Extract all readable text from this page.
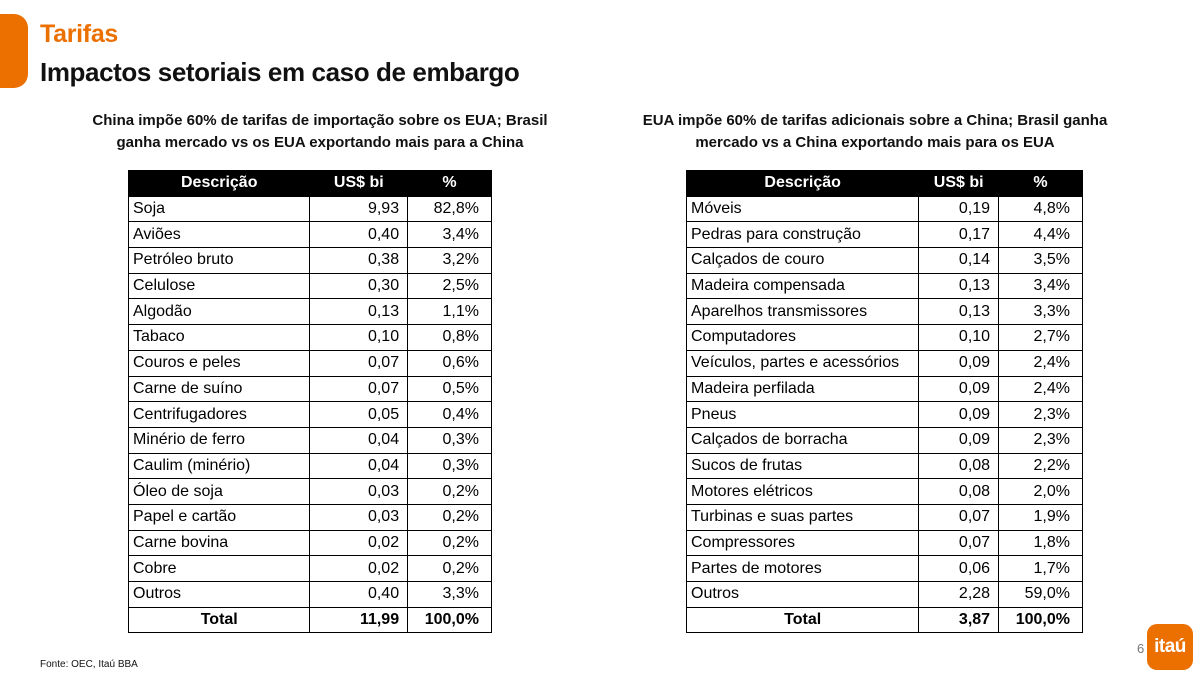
Tarifas
Impactos setoriais em caso de embargo
China impõe 60% de tarifas de importação sobre os EUA; Brasil ganha mercado vs os EUA exportando mais para a China
EUA impõe 60% de tarifas adicionais sobre a China; Brasil ganha mercado vs a China exportando mais para os EUA
Descrição	US$ bi	%
Soja	9,93	82,8%
Aviões	0,40	3,4%
Petróleo bruto	0,38	3,2%
Celulose	0,30	2,5%
Algodão	0,13	1,1%
Tabaco	0,10	0,8%
Couros e peles	0,07	0,6%
Carne de suíno	0,07	0,5%
Centrifugadores	0,05	0,4%
Minério de ferro	0,04	0,3%
Caulim (minério)	0,04	0,3%
Óleo de soja	0,03	0,2%
Papel e cartão	0,03	0,2%
Carne bovina	0,02	0,2%
Cobre	0,02	0,2%
Outros	0,40	3,3%
Total	11,99	100,0%
Descrição	US$ bi	%
Móveis	0,19	4,8%
Pedras para construção	0,17	4,4%
Calçados de couro	0,14	3,5%
Madeira compensada	0,13	3,4%
Aparelhos transmissores	0,13	3,3%
Computadores	0,10	2,7%
Veículos, partes e acessórios	0,09	2,4%
Madeira perfilada	0,09	2,4%
Pneus	0,09	2,3%
Calçados de borracha	0,09	2,3%
Sucos de frutas	0,08	2,2%
Motores elétricos	0,08	2,0%
Turbinas e suas partes	0,07	1,9%
Compressores	0,07	1,8%
Partes de motores	0,06	1,7%
Outros	2,28	59,0%
Total	3,87	100,0%
Fonte: OEC, Itaú BBA
6 itaú
